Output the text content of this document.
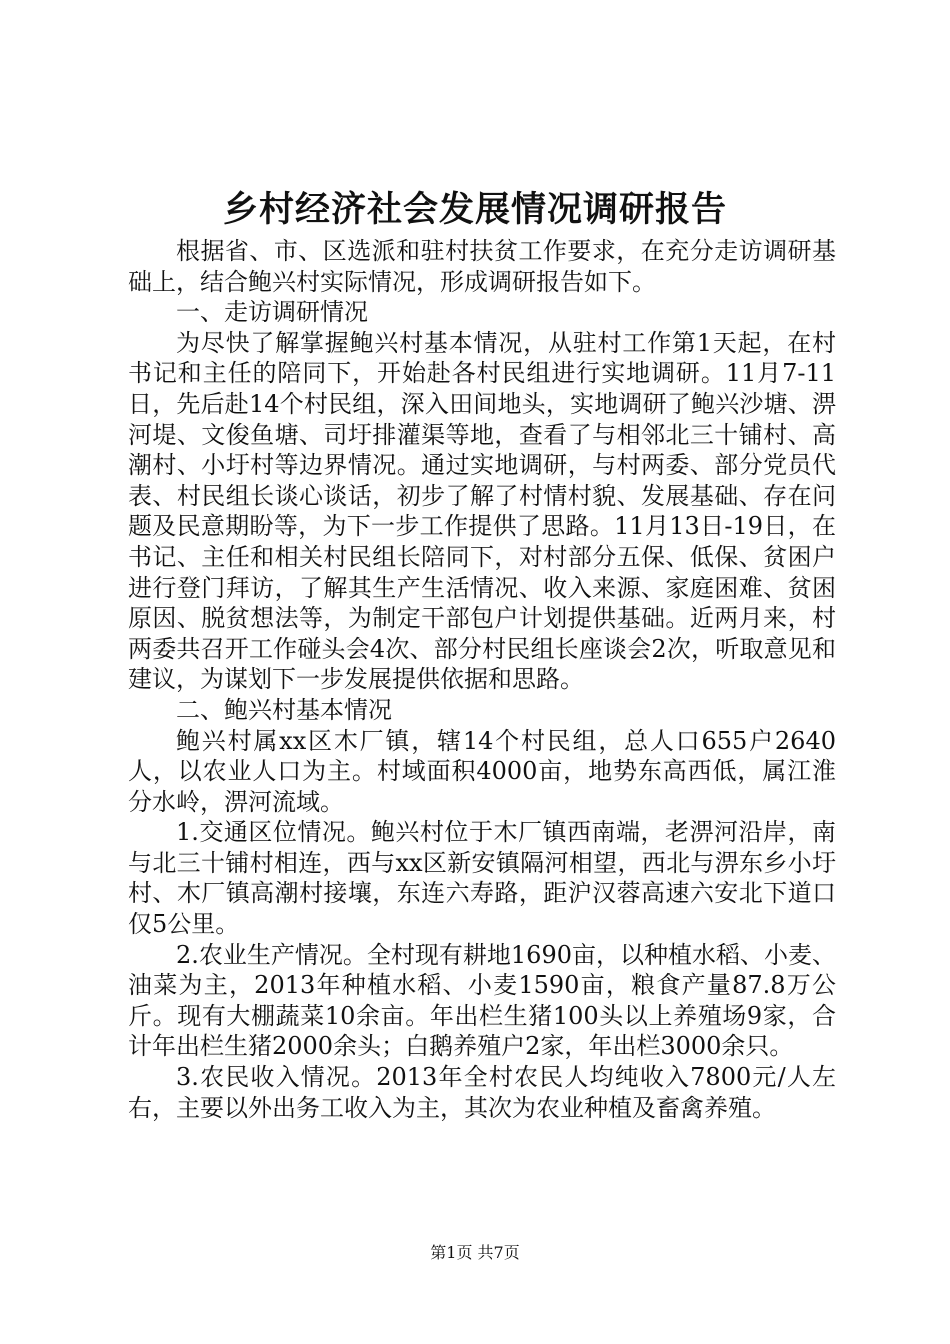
乡村经济社会发展情况调研报告

根据省、市、区选派和驻村扶贫工作要求，在充分走访调研基础上，结合鲍兴村实际情况，形成调研报告如下。

一、走访调研情况

为尽快了解掌握鲍兴村基本情况，从驻村工作第1天起，在村书记和主任的陪同下，开始赴各村民组进行实地调研。11月7-11日，先后赴14个村民组，深入田间地头，实地调研了鲍兴沙塘、淠河堤、文俊鱼塘、司圩排灌渠等地，查看了与相邻北三十铺村、高潮村、小圩村等边界情况。通过实地调研，与村两委、部分党员代表、村民组长谈心谈话，初步了解了村情村貌、发展基础、存在问题及民意期盼等，为下一步工作提供了思路。11月13日-19日，在书记、主任和相关村民组长陪同下，对村部分五保、低保、贫困户进行登门拜访，了解其生产生活情况、收入来源、家庭困难、贫困原因、脱贫想法等，为制定干部包户计划提供基础。近两月来，村两委共召开工作碰头会4次、部分村民组长座谈会2次，听取意见和建议，为谋划下一步发展提供依据和思路。

二、鲍兴村基本情况

鲍兴村属xx区木厂镇，辖14个村民组，总人口655户2640人，以农业人口为主。村域面积4000亩，地势东高西低，属江淮分水岭，淠河流域。

1.交通区位情况。鲍兴村位于木厂镇西南端，老淠河沿岸，南与北三十铺村相连，西与xx区新安镇隔河相望，西北与淠东乡小圩村、木厂镇高潮村接壤，东连六寿路，距沪汉蓉高速六安北下道口仅5公里。

2.农业生产情况。全村现有耕地1690亩，以种植水稻、小麦、油菜为主，2013年种植水稻、小麦1590亩，粮食产量87.8万公斤。现有大棚蔬菜10余亩。年出栏生猪100头以上养殖场9家，合计年出栏生猪2000余头；白鹅养殖户2家，年出栏3000余只。

3.农民收入情况。2013年全村农民人均纯收入7800元/人左右，主要以外出务工收入为主，其次为农业种植及畜禽养殖。

第1页 共7页
